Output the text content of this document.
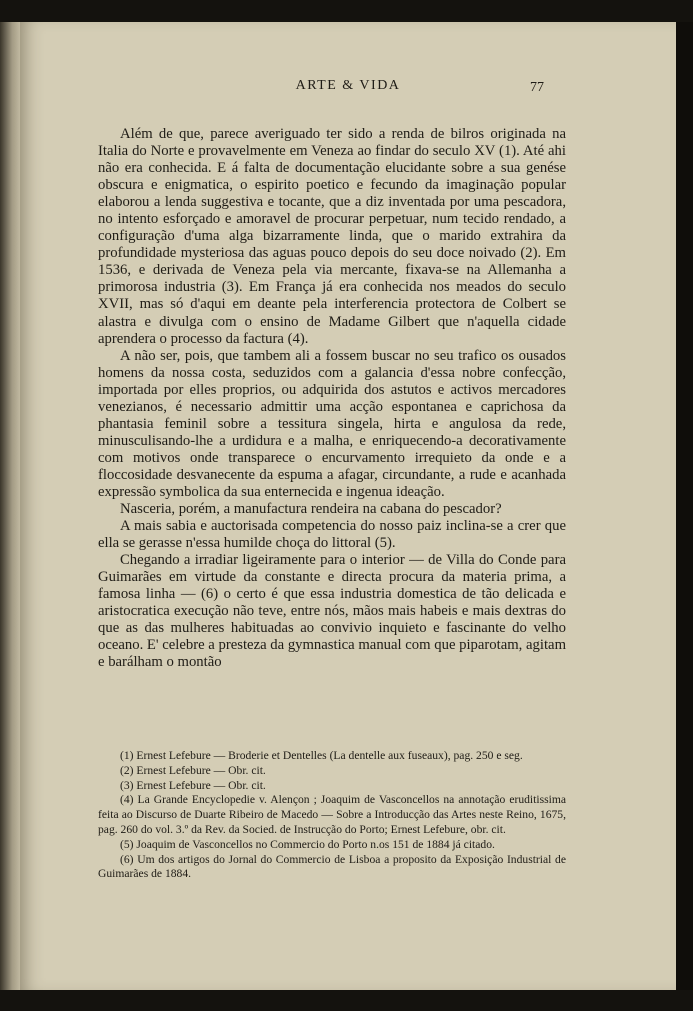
ARTE & VIDA	77

Além de que, parece averiguado ter sido a renda de bilros originada na Italia do Norte e provavelmente em Veneza ao findar do seculo XV (1). Até ahi não era conhecida. E á falta de documentação elucidante sobre a sua genése obscura e enigmatica, o espirito poetico e fecundo da imaginação popular elaborou a lenda suggestiva e tocante, que a diz inventada por uma pescadora, no intento esforçado e amoravel de procurar perpetuar, num tecido rendado, a configuração d'uma alga bizarramente linda, que o marido extrahira da profundidade mysteriosa das aguas pouco depois do seu doce noivado (2). Em 1536, e derivada de Veneza pela via mercante, fixava-se na Allemanha a primorosa industria (3). Em França já era conhecida nos meados do seculo XVII, mas só d'aqui em deante pela interferencia protectora de Colbert se alastra e divulga com o ensino de Madame Gilbert que n'aquella cidade aprendera o processo da factura (4).

A não ser, pois, que tambem ali a fossem buscar no seu trafico os ousados homens da nossa costa, seduzidos com a galancia d'essa nobre confecção, importada por elles proprios, ou adquirida dos astutos e activos mercadores venezianos, é necessario admittir uma acção espontanea e caprichosa da phantasia feminil sobre a tessitura singela, hirta e angulosa da rede, minusculisando-lhe a urdidura e a malha, e enriquecendo-a decorativamente com motivos onde transparece o encurvamento irrequieto da onde e a floccosidade desvanecente da espuma a afagar, circundante, a rude e acanhada expressão symbolica da sua enternecida e ingenua ideação.

Nasceria, porém, a manufactura rendeira na cabana do pescador?

A mais sabia e auctorisada competencia do nosso paiz inclina-se a crer que ella se gerasse n'essa humilde choça do littoral (5).

Chegando a irradiar ligeiramente para o interior — de Villa do Conde para Guimarães em virtude da constante e directa procura da materia prima, a famosa linha — (6) o certo é que essa industria domestica de tão delicada e aristocratica execução não teve, entre nós, mãos mais habeis e mais dextras do que as das mulheres habituadas ao convivio inquieto e fascinante do velho oceano. E' celebre a presteza da gymnastica manual com que piparotam, agitam e barálham o montão

(1) Ernest Lefebure — Broderie et Dentelles (La dentelle aux fuseaux), pag. 250 e seg.

(2) Ernest Lefebure — Obr. cit.

(3) Ernest Lefebure — Obr. cit.

(4) La Grande Encyclopedie v. Alençon ; Joaquim de Vasconcellos na annotação eruditissima feita ao Discurso de Duarte Ribeiro de Macedo — Sobre a Introducção das Artes neste Reino, 1675, pag. 260 do vol. 3.º da Rev. da Socied. de Instrucção do Porto; Ernest Lefebure, obr. cit.

(5) Joaquim de Vasconcellos no Commercio do Porto n.os 151 de 1884 já citado.

(6) Um dos artigos do Jornal do Commercio de Lisboa a proposito da Exposição Industrial de Guimarães de 1884.
